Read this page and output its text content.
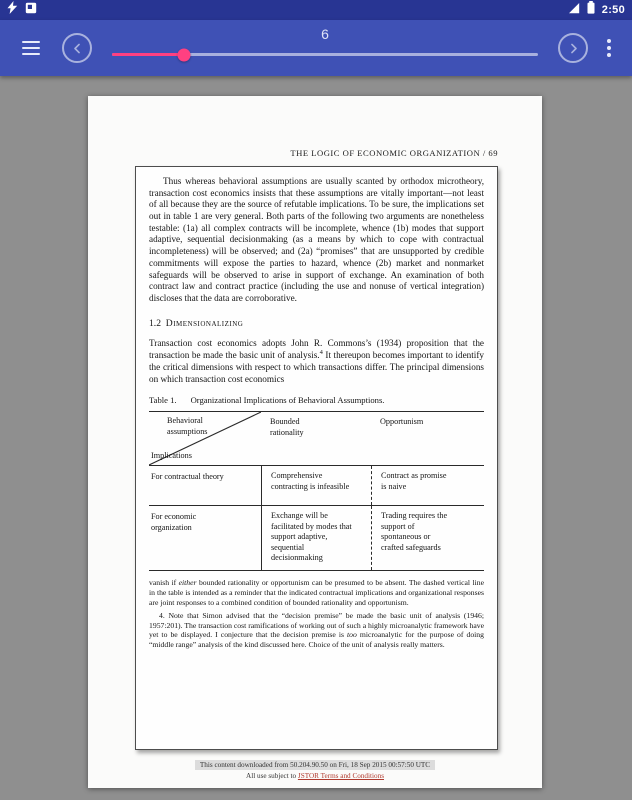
2:50
6
THE LOGIC OF ECONOMIC ORGANIZATION / 69

Thus whereas behavioral assumptions are usually scanted by orthodox microtheory, transaction cost economics insists that these assumptions are vitally important—not least of all because they are the source of refutable implications. To be sure, the implications set out in table 1 are very general. Both parts of the following two arguments are nonetheless testable: (1a) all complex contracts will be incomplete, whence (1b) modes that support adaptive, sequential decisionmaking (as a means by which to cope with contractual incompleteness) will be observed; and (2a) “promises” that are unsupported by credible commitments will expose the parties to hazard, whence (2b) market and nonmarket safeguards will be observed to arise in support of exchange. An examination of both contract law and contract practice (including the use and nonuse of vertical integration) discloses that the data are corroborative.

1.2 Dimensionalizing

Transaction cost economics adopts John R. Commons’s (1934) proposition that the transaction be made the basic unit of analysis.$^4$ It thereupon becomes important to identify the critical dimensions with respect to which transactions differ. The principal dimensions on which transaction cost economics

Table 1. Organizational Implications of Behavioral Assumptions.
Behavioral assumptions
Implications
Bounded rationality
Opportunism
For contractual theory	Comprehensive contracting is infeasible
Contract as promise is naive
For economic organization
Exchange will be facilitated by modes that support adaptive, sequential decisionmaking
Trading requires the support of spontaneous or crafted safeguards

vanish if either bounded rationality or opportunism can be presumed to be absent. The dashed vertical line in the table is intended as a reminder that the indicated contractual implications and organizational responses are joint responses to a combined condition of bounded rationality and opportunism.

4. Note that Simon advised that the “decision premise” be made the basic unit of analysis (1946; 1957:201). The transaction cost ramifications of working out of such a highly microanalytic framework have yet to be displayed. I conjecture that the decision premise is too microanalytic for the purpose of doing “middle range” analysis of the kind discussed here. Choice of the unit of analysis really matters.

This content downloaded from 50.204.90.50 on Fri, 18 Sep 2015 00:57:50 UTC
All use subject to JSTOR Terms and Conditions
